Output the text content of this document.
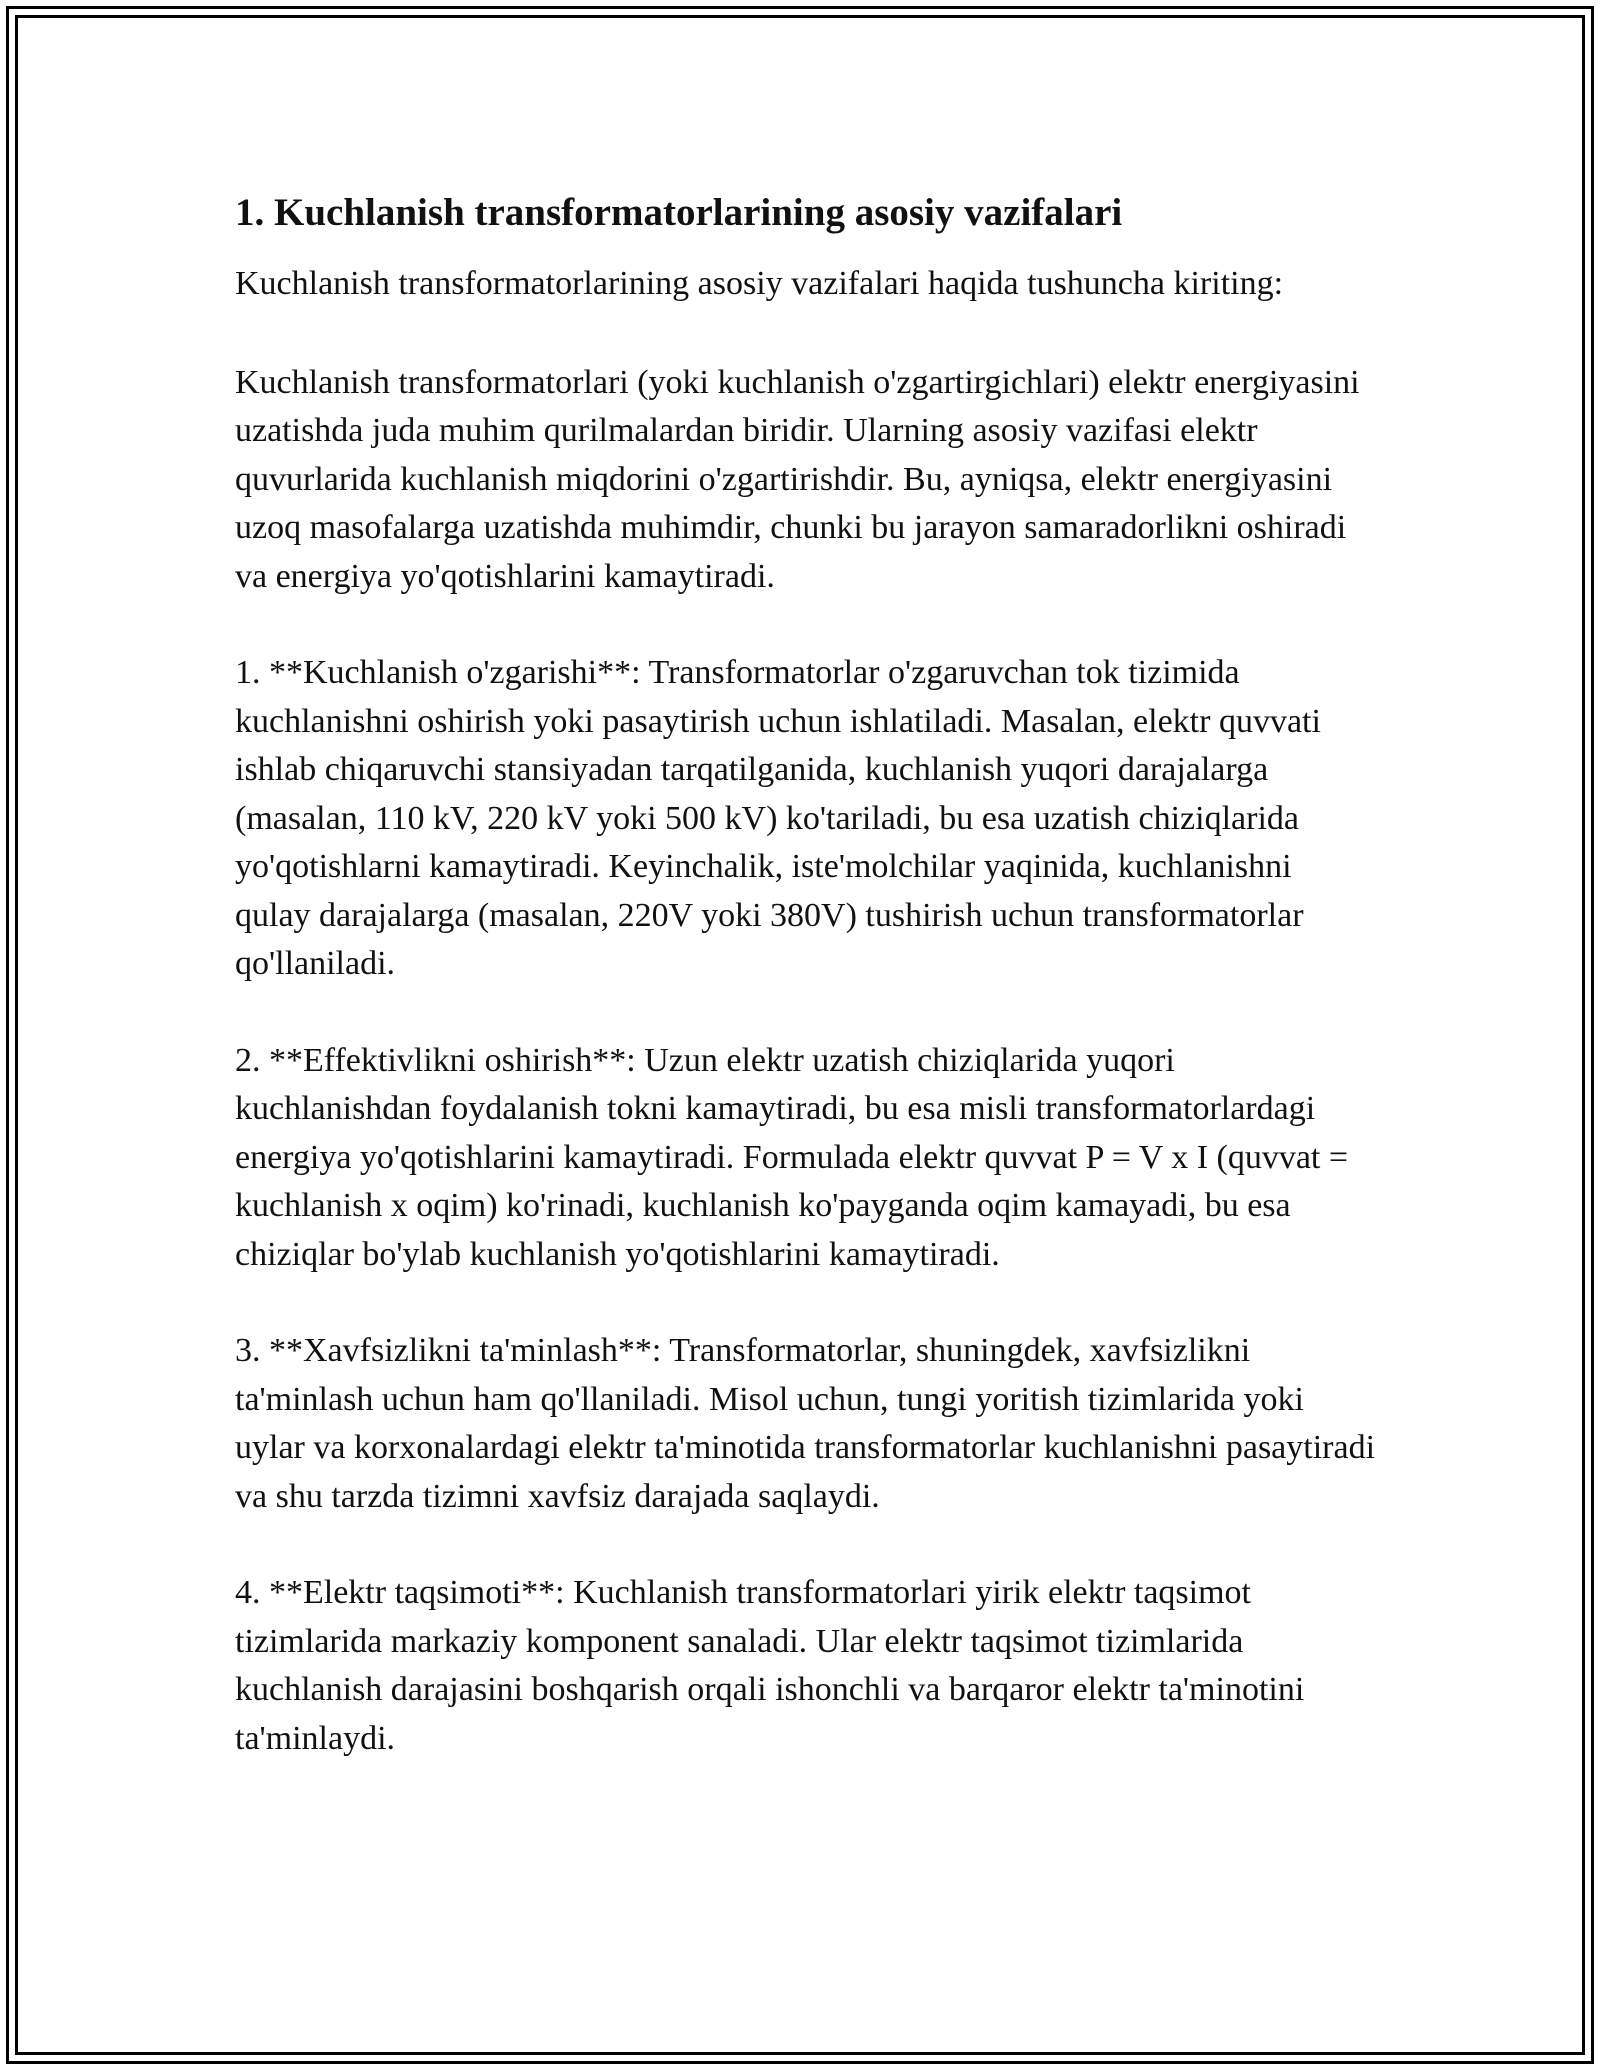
1. Kuchlanish transformatorlarining asosiy vazifalari

Kuchlanish transformatorlarining asosiy vazifalari haqida tushuncha kiriting:

Kuchlanish transformatorlari (yoki kuchlanish o'zgartirgichlari) elektr energiyasini uzatishda juda muhim qurilmalardan biridir. Ularning asosiy vazifasi elektr quvurlarida kuchlanish miqdorini o'zgartirishdir. Bu, ayniqsa, elektr energiyasini uzoq masofalarga uzatishda muhimdir, chunki bu jarayon samaradorlikni oshiradi va energiya yo'qotishlarini kamaytiradi.

1. **Kuchlanish o'zgarishi**: Transformatorlar o'zgaruvchan tok tizimida kuchlanishni oshirish yoki pasaytirish uchun ishlatiladi. Masalan, elektr quvvati ishlab chiqaruvchi stansiyadan tarqatilganida, kuchlanish yuqori darajalarga (masalan, 110 kV, 220 kV yoki 500 kV) ko'tariladi, bu esa uzatish chiziqlarida yo'qotishlarni kamaytiradi. Keyinchalik, iste'molchilar yaqinida, kuchlanishni qulay darajalarga (masalan, 220V yoki 380V) tushirish uchun transformatorlar qo'llaniladi.

2. **Effektivlikni oshirish**: Uzun elektr uzatish chiziqlarida yuqori kuchlanishdan foydalanish tokni kamaytiradi, bu esa misli transformatorlardagi energiya yo'qotishlarini kamaytiradi. Formulada elektr quvvat P = V x I (quvvat = kuchlanish x oqim) ko'rinadi, kuchlanish ko'payganda oqim kamayadi, bu esa chiziqlar bo'ylab kuchlanish yo'qotishlarini kamaytiradi.

3. **Xavfsizlikni ta'minlash**: Transformatorlar, shuningdek, xavfsizlikni ta'minlash uchun ham qo'llaniladi. Misol uchun, tungi yoritish tizimlarida yoki uylar va korxonalardagi elektr ta'minotida transformatorlar kuchlanishni pasaytiradi va shu tarzda tizimni xavfsiz darajada saqlaydi.

4. **Elektr taqsimoti**: Kuchlanish transformatorlari yirik elektr taqsimot tizimlarida markaziy komponent sanaladi. Ular elektr taqsimot tizimlarida kuchlanish darajasini boshqarish orqali ishonchli va barqaror elektr ta'minotini ta'minlaydi.
